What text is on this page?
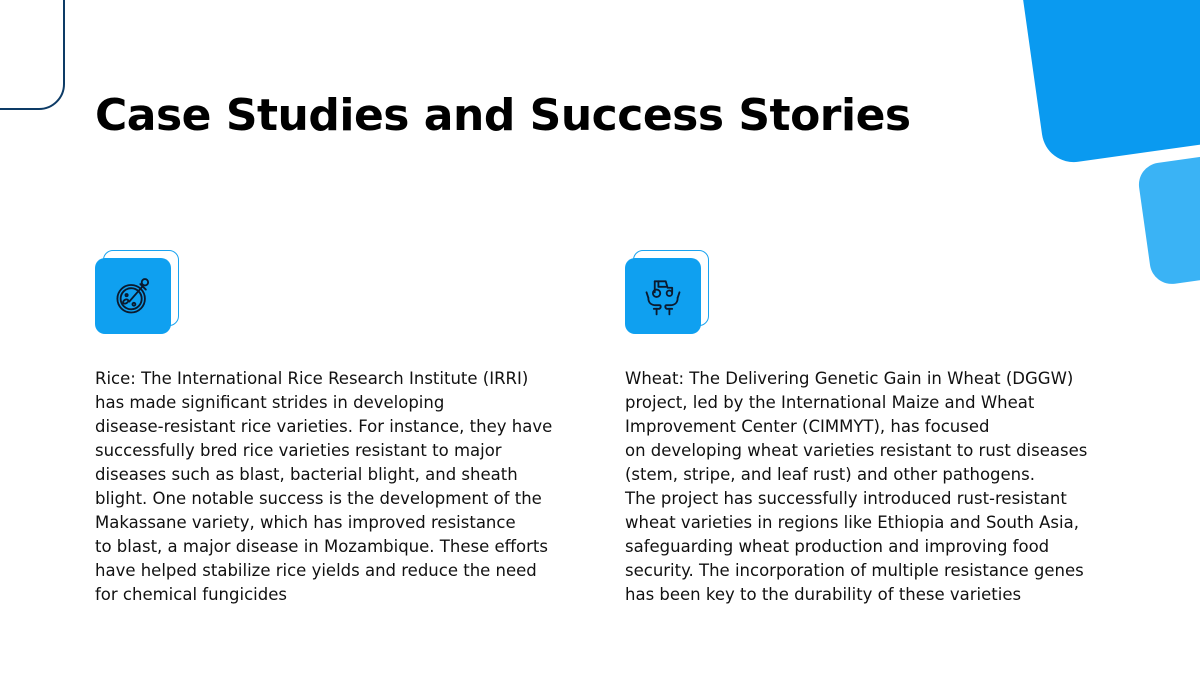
Case Studies and Success Stories

Rice: The International Rice Research Institute (IRRI)
has made significant strides in developing
disease-resistant rice varieties. For instance, they have
successfully bred rice varieties resistant to major
diseases such as blast, bacterial blight, and sheath
blight. One notable success is the development of the
Makassane variety, which has improved resistance
to blast, a major disease in Mozambique. These efforts
have helped stabilize rice yields and reduce the need
for chemical fungicides

Wheat: The Delivering Genetic Gain in Wheat (DGGW)
project, led by the International Maize and Wheat
Improvement Center (CIMMYT), has focused
on developing wheat varieties resistant to rust diseases
(stem, stripe, and leaf rust) and other pathogens.
The project has successfully introduced rust-resistant
wheat varieties in regions like Ethiopia and South Asia,
safeguarding wheat production and improving food
security. The incorporation of multiple resistance genes
has been key to the durability of these varieties
